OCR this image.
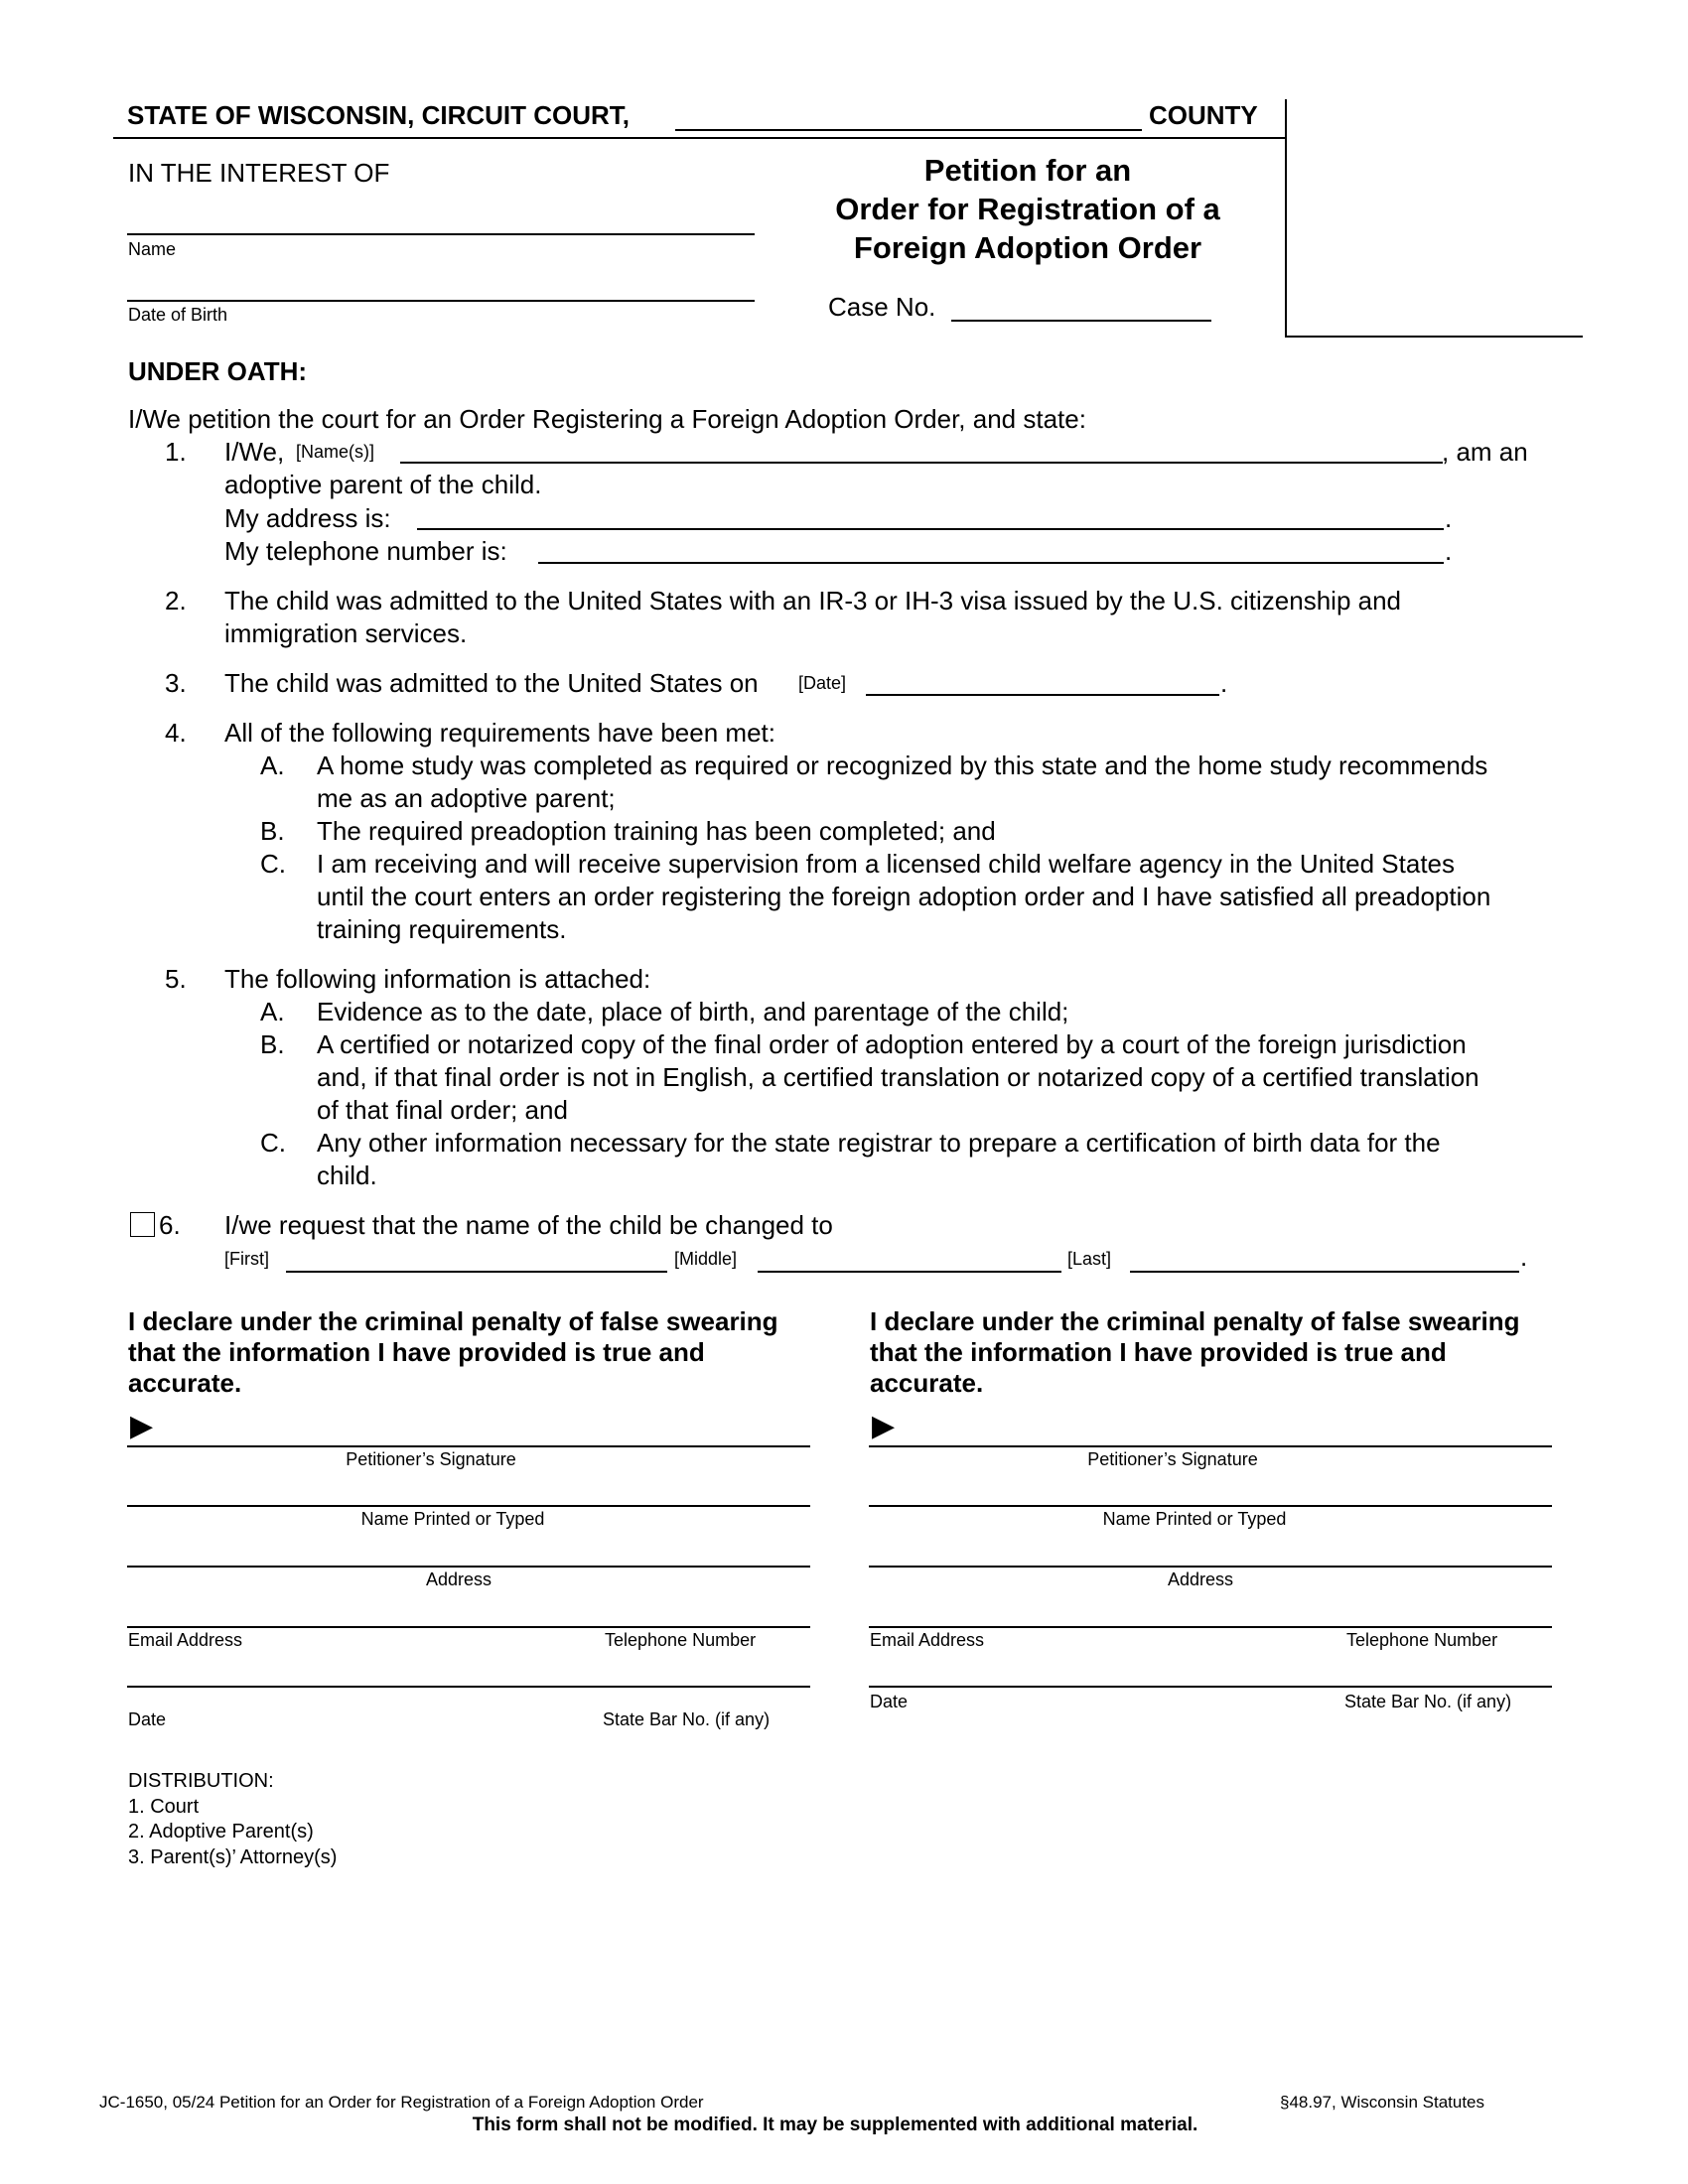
STATE OF WISCONSIN, CIRCUIT COURT,	COUNTY
IN THE INTEREST OF
Name
Date of Birth
Petition for an
Order for Registration of a
Foreign Adoption Order
Case No.
UNDER OATH:
I/We petition the court for an Order Registering a Foreign Adoption Order, and state:
1. I/We, [Name(s)]	, am an
adoptive parent of the child.
My address is:	.
My telephone number is:	.
2. The child was admitted to the United States with an IR-3 or IH-3 visa issued by the U.S. citizenship and
immigration services.
3. The child was admitted to the United States on [Date]	.
4. All of the following requirements have been met:
A. A home study was completed as required or recognized by this state and the home study recommends
me as an adoptive parent;
B. The required preadoption training has been completed; and
C. I am receiving and will receive supervision from a licensed child welfare agency in the United States
until the court enters an order registering the foreign adoption order and I have satisfied all preadoption
training requirements.
5. The following information is attached:
A. Evidence as to the date, place of birth, and parentage of the child;
B. A certified or notarized copy of the final order of adoption entered by a court of the foreign jurisdiction
and, if that final order is not in English, a certified translation or notarized copy of a certified translation
of that final order; and
C. Any other information necessary for the state registrar to prepare a certification of birth data for the
child.
6. I/we request that the name of the child be changed to
[First]	[Middle]	[Last]	.
I declare under the criminal penalty of false swearing
that the information I have provided is true and
accurate.
▶
Petitioner’s Signature
Name Printed or Typed
Address
Email Address	Telephone Number
Date	State Bar No. (if any)
I declare under the criminal penalty of false swearing
that the information I have provided is true and
accurate.
▶
Petitioner’s Signature
Name Printed or Typed
Address
Email Address	Telephone Number
Date	State Bar No. (if any)
DISTRIBUTION:
1. Court
2. Adoptive Parent(s)
3. Parent(s)’ Attorney(s)
JC-1650, 05/24 Petition for an Order for Registration of a Foreign Adoption Order	§48.97, Wisconsin Statutes
This form shall not be modified. It may be supplemented with additional material.
